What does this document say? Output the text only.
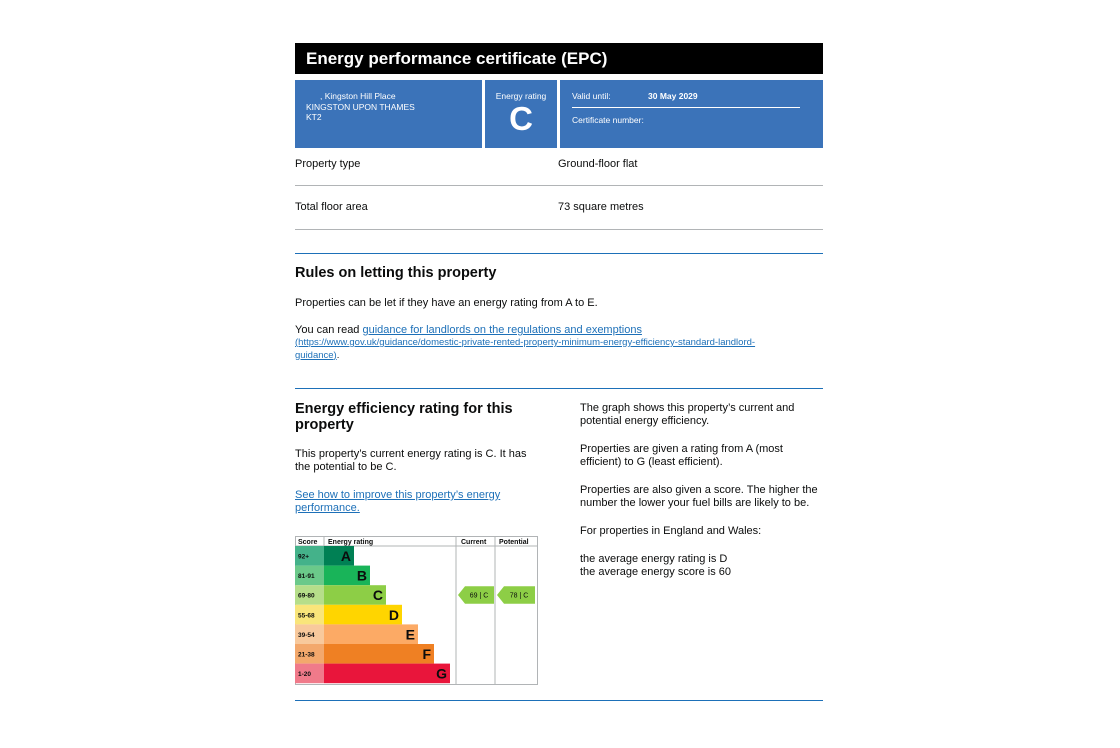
Energy performance certificate (EPC)
, Kingston Hill Place
KINGSTON UPON THAMES
KT2
Energy rating
C
Valid until:	30 May 2029
Certificate number:
Property type	Ground-floor flat
Total floor area	73 square metres
Rules on letting this property
Properties can be let if they have an energy rating from A to E.
You can read guidance for landlords on the regulations and exemptions
(https://www.gov.uk/guidance/domestic-private-rented-property-minimum-energy-efficiency-standard-landlord-
guidance).
Energy efficiency rating for this property
This property’s current energy rating is C. It has the potential to be C.
See how to improve this property’s energy performance.
Score Energy rating	Current Potential
92+ A
81-91	B
69-80	C
55-68	D
39-54	E
21-38	F
1-20	G
69 | C	78 | C
The graph shows this property’s current and potential energy efficiency.
Properties are given a rating from A (most efficient) to G (least efficient).
Properties are also given a score. The higher the number the lower your fuel bills are likely to be.
For properties in England and Wales:
the average energy rating is D
the average energy score is 60
